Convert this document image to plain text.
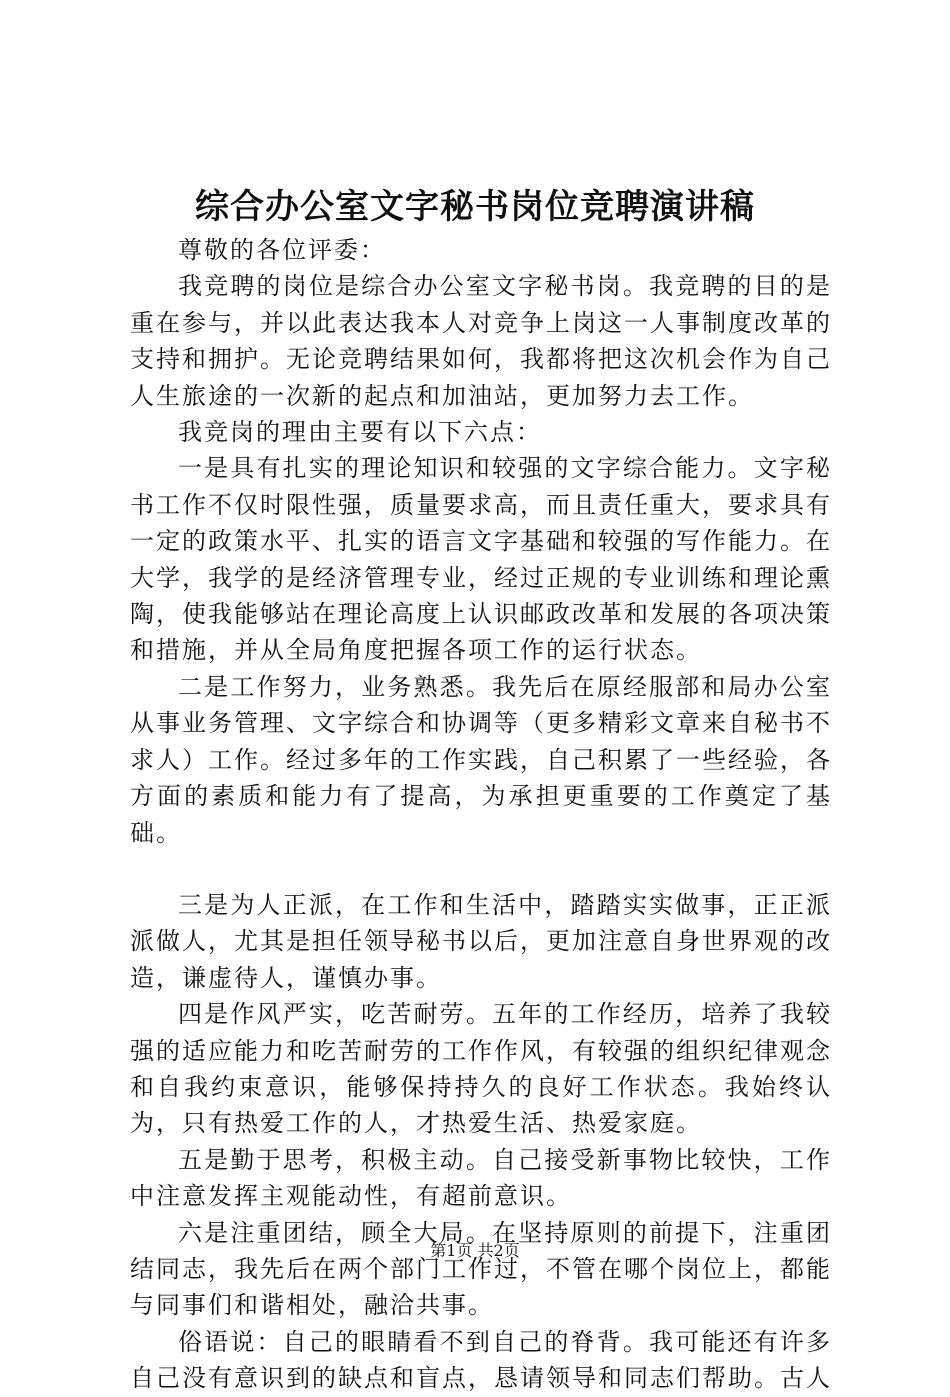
综合办公室文字秘书岗位竞聘演讲稿

尊敬的各位评委：

我竞聘的岗位是综合办公室文字秘书岗。我竞聘的目的是重在参与，并以此表达我本人对竞争上岗这一人事制度改革的支持和拥护。无论竞聘结果如何，我都将把这次机会作为自己人生旅途的一次新的起点和加油站，更加努力去工作。

我竞岗的理由主要有以下六点：

一是具有扎实的理论知识和较强的文字综合能力。文字秘书工作不仅时限性强，质量要求高，而且责任重大，要求具有一定的政策水平、扎实的语言文字基础和较强的写作能力。在大学，我学的是经济管理专业，经过正规的专业训练和理论熏陶，使我能够站在理论高度上认识邮政改革和发展的各项决策和措施，并从全局角度把握各项工作的运行状态。

二是工作努力，业务熟悉。我先后在原经服部和局办公室从事业务管理、文字综合和协调等（更多精彩文章来自秘书不求人）工作。经过多年的工作实践，自己积累了一些经验，各方面的素质和能力有了提高，为承担更重要的工作奠定了基础。

三是为人正派，在工作和生活中，踏踏实实做事，正正派派做人，尤其是担任领导秘书以后，更加注意自身世界观的改造，谦虚待人，谨慎办事。

四是作风严实，吃苦耐劳。五年的工作经历，培养了我较强的适应能力和吃苦耐劳的工作作风，有较强的组织纪律观念和自我约束意识，能够保持持久的良好工作状态。我始终认为，只有热爱工作的人，才热爱生活、热爱家庭。

五是勤于思考，积极主动。自己接受新事物比较快，工作中注意发挥主观能动性，有超前意识。

六是注重团结，顾全大局。在坚持原则的前提下，注重团结同志，我先后在两个部门工作过，不管在哪个岗位上，都能与同事们和谐相处，融洽共事。

俗语说：自己的眼睛看不到自己的脊背。我可能还有许多自己没有意识到的缺点和盲点，恳请领导和同志们帮助。古人

第1页 共2页
